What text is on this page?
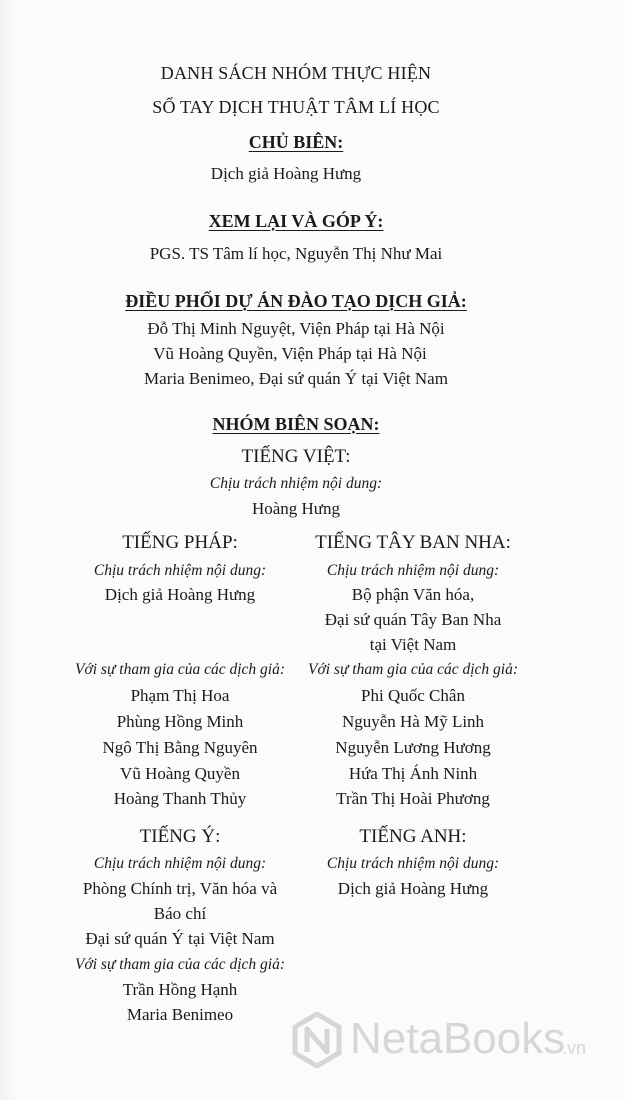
DANH SÁCH NHÓM THỰC HIỆN
SỔ TAY DỊCH THUẬT TÂM LÍ HỌC
CHỦ BIÊN:
Dịch giả Hoàng Hưng
XEM LẠI VÀ GÓP Ý:
PGS. TS Tâm lí học, Nguyễn Thị Như Mai
ĐIỀU PHỐI DỰ ÁN ĐÀO TẠO DỊCH GIẢ:
Đỗ Thị Minh Nguyệt, Viện Pháp tại Hà Nội
Vũ Hoàng Quyền, Viện Pháp tại Hà Nội
Maria Benimeo, Đại sứ quán Ý tại Việt Nam
NHÓM BIÊN SOẠN:
TIẾNG VIỆT:
Chịu trách nhiệm nội dung:
Hoàng Hưng
TIẾNG PHÁP:
Chịu trách nhiệm nội dung:
Dịch giả Hoàng Hưng
Với sự tham gia của các dịch giả:
Phạm Thị Hoa
Phùng Hồng Minh
Ngô Thị Bằng Nguyên
Vũ Hoàng Quyền
Hoàng Thanh Thủy
TIẾNG TÂY BAN NHA:
Chịu trách nhiệm nội dung:
Bộ phận Văn hóa,
Đại sứ quán Tây Ban Nha
tại Việt Nam
Với sự tham gia của các dịch giả:
Phi Quốc Chân
Nguyễn Hà Mỹ Linh
Nguyễn Lương Hương
Hứa Thị Ánh Ninh
Trần Thị Hoài Phương
TIẾNG Ý:
Chịu trách nhiệm nội dung:
Phòng Chính trị, Văn hóa và
Báo chí
Đại sứ quán Ý tại Việt Nam
Với sự tham gia của các dịch giả:
Trần Hồng Hạnh
Maria Benimeo
TIẾNG ANH:
Chịu trách nhiệm nội dung:
Dịch giả Hoàng Hưng
NetaBooks
.vn
